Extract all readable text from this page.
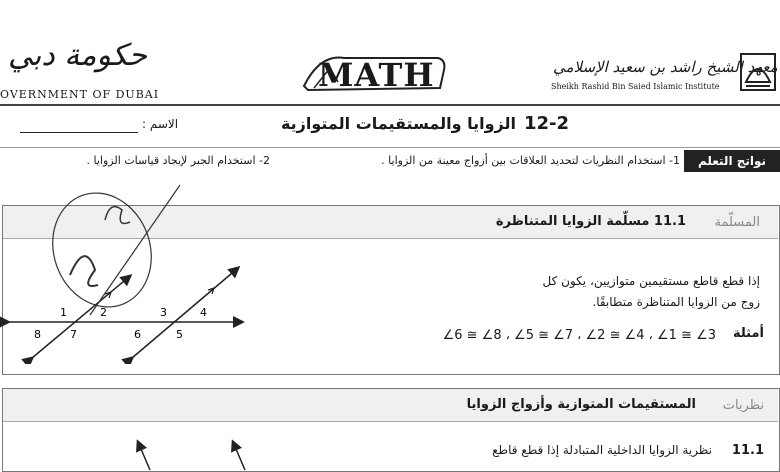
حكومة دبي
OVERNMENT OF DUBAI
MATH	معهد الشيخ راشد بن سعيد الإسلامي
Sheikh Rashid Bin Saied Islamic Institute
12-2
الزوايا والمستقيمات المتوازية
الاسم :
نواتج التعلم
1- استخدام النظريات لتحديد العلاقات بين أزواج معينة من الزوايا .
2- استخدام الجبر لإيجاد قياسات الزوايا .
المسلّمة
11.1 مسلّمة الزوايا المتناظرة
إذا قطع قاطع مستقيمين متوازيين، يكون كل
زوج من الزوايا المتناظرة متطابقًا.
أمثلة
∠6 ≅ ∠8 ، ∠5 ≅ ∠7 ، ∠2 ≅ ∠4 ، ∠1 ≅ ∠3
8	7
1	2
6	5
3	4
نظريات
المستقيمات المتوازية وأزواج الزوايا
11.1
نظرية الزوايا الداخلية المتبادلة إذا قطع قاطع
